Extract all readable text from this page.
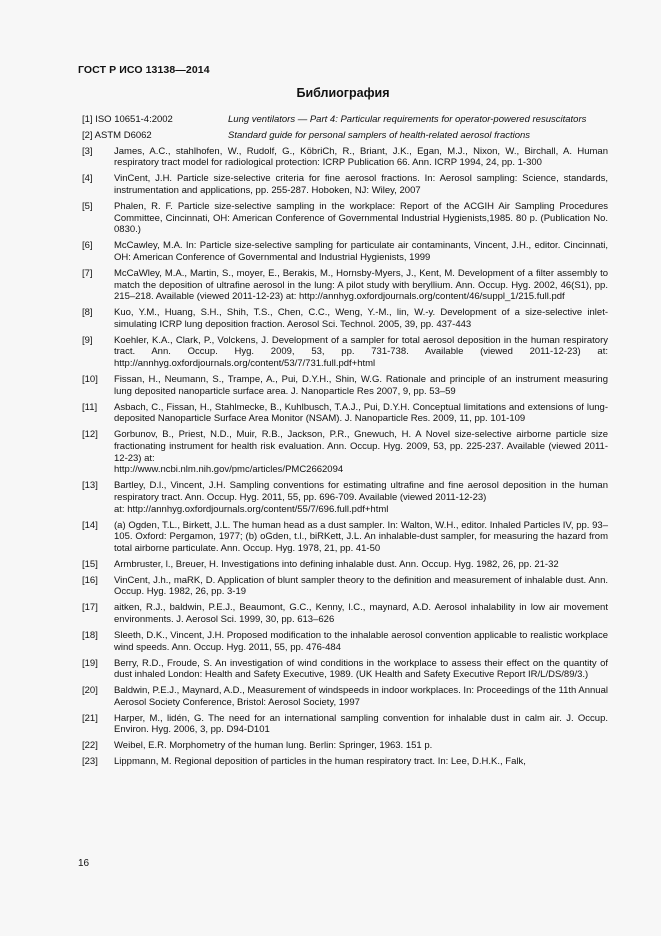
ГОСТ Р ИСО 13138—2014
Библиография
[1] ISO 10651-4:2002	Lung ventilators — Part 4: Particular requirements for operator-powered resuscitators
[2] ASTM D6062	Standard guide for personal samplers of health-related aerosol fractions
[3]	James, A.C., stahlhofen, W., Rudolf, G., KöbriCh, R., Briant, J.K., Egan, M.J., Nixon, W., Birchall, A. Human respiratory tract model for radiological protection: ICRP Publication 66. Ann. ICRP 1994, 24, pp. 1-300
[4]	VinCent, J.H. Particle size-selective criteria for fine aerosol fractions. In: Aerosol sampling: Science, standards, instrumentation and applications, pp. 255-287. Hoboken, NJ: Wiley, 2007
[5]	Phalen, R. F. Particle size-selective sampling in the workplace: Report of the ACGIH Air Sampling Procedures Committee, Cincinnati, OH: American Conference of Governmental Industrial Hygienists,1985. 80 p. (Publication No. 0830.)
[6]	McCawley, M.A. In: Particle size-selective sampling for particulate air contaminants, Vincent, J.H., editor. Cincinnati, OH: American Conference of Governmental and Industrial Hygienists, 1999
[7]	McCaWley, M.A., Martin, S., moyer, E., Berakis, M., Hornsby-Myers, J., Kent, M. Development of a filter assembly to match the deposition of ultrafine aerosol in the lung: A pilot study with beryllium. Ann. Occup. Hyg. 2002, 46(S1), pp. 215–218. Available (viewed 2011-12-23) at: http://annhyg.oxfordjournals.org/content/46/suppl_1/215.full.pdf
[8]	Kuo, Y.M., Huang, S.H., Shih, T.S., Chen, C.C., Weng, Y.-M., lin, W.-y. Development of a size-selective inlet-simulating ICRP lung deposition fraction. Aerosol Sci. Technol. 2005, 39, pp. 437-443
[9]	Koehler, K.A., Clark, P., Volckens, J. Development of a sampler for total aerosol deposition in the human respiratory tract. Ann. Occup. Hyg. 2009, 53, pp. 731-738. Available (viewed 2011-12-23) at: http://annhyg.oxfordjournals.org/content/53/7/731.full.pdf+html
[10]	Fissan, H., Neumann, S., Trampe, A., Pui, D.Y.H., Shin, W.G. Rationale and principle of an instrument measuring lung deposited nanoparticle surface area. J. Nanoparticle Res 2007, 9, pp. 53–59
[11]	Asbach, C., Fissan, H., Stahlmecke, B., Kuhlbusch, T.A.J., Pui, D.Y.H. Conceptual limitations and extensions of lung-deposited Nanoparticle Surface Area Monitor (NSAM). J. Nanoparticle Res. 2009, 11, pp. 101-109
[12]	Gorbunov, B., Priest, N.D., Muir, R.B., Jackson, P.R., Gnewuch, H. A Novel size-selective airborne particle size fractionating instrument for health risk evaluation. Ann. Occup. Hyg. 2009, 53, pp. 225-237. Available (viewed 2011-12-23) at:
http://www.ncbi.nlm.nih.gov/pmc/articles/PMC2662094
[13]	Bartley, D.l., Vincent, J.H. Sampling conventions for estimating ultrafine and fine aerosol deposition in the human respiratory tract. Ann. Occup. Hyg. 2011, 55, pp. 696-709. Available (viewed 2011-12-23)
at: http://annhyg.oxfordjournals.org/content/55/7/696.full.pdf+html
[14]	(a) Ogden, T.L., Birkett, J.L. The human head as a dust sampler. In: Walton, W.H., editor. Inhaled Particles IV, pp. 93–105. Oxford: Pergamon, 1977; (b) oGden, t.l., biRKett, J.L. An inhalable-dust sampler, for measuring the hazard from total airborne particulate. Ann. Occup. Hyg. 1978, 21, pp. 41-50
[15]	Armbruster, l., Breuer, H. Investigations into defining inhalable dust. Ann. Occup. Hyg. 1982, 26, pp. 21-32
[16]	VinCent, J.h., maRK, D. Application of blunt sampler theory to the definition and measurement of inhalable dust. Ann. Occup. Hyg. 1982, 26, pp. 3-19
[17]	aitken, R.J., baldwin, P.E.J., Beaumont, G.C., Kenny, l.C., maynard, A.D. Aerosol inhalability in low air movement environments. J. Aerosol Sci. 1999, 30, pp. 613–626
[18]	Sleeth, D.K., Vincent, J.H. Proposed modification to the inhalable aerosol convention applicable to realistic workplace wind speeds. Ann. Occup. Hyg. 2011, 55, pp. 476-484
[19]	Berry, R.D., Froude, S. An investigation of wind conditions in the workplace to assess their effect on the quantity of dust inhaled London: Health and Safety Executive, 1989. (UK Health and Safety Executive Report IR/L/DS/89/3.)
[20]	Baldwin, P.E.J., Maynard, A.D., Measurement of windspeeds in indoor workplaces. In: Proceedings of the 11th Annual Aerosol Society Conference, Bristol: Aerosol Society, 1997
[21]	Harper, M., lidén, G. The need for an international sampling convention for inhalable dust in calm air. J. Occup. Environ. Hyg. 2006, 3, pp. D94-D101
[22]	Weibel, E.R. Morphometry of the human lung. Berlin: Springer, 1963. 151 p.
[23]	Lippmann, M. Regional deposition of particles in the human respiratory tract. In: Lee, D.H.K., Falk,
16
